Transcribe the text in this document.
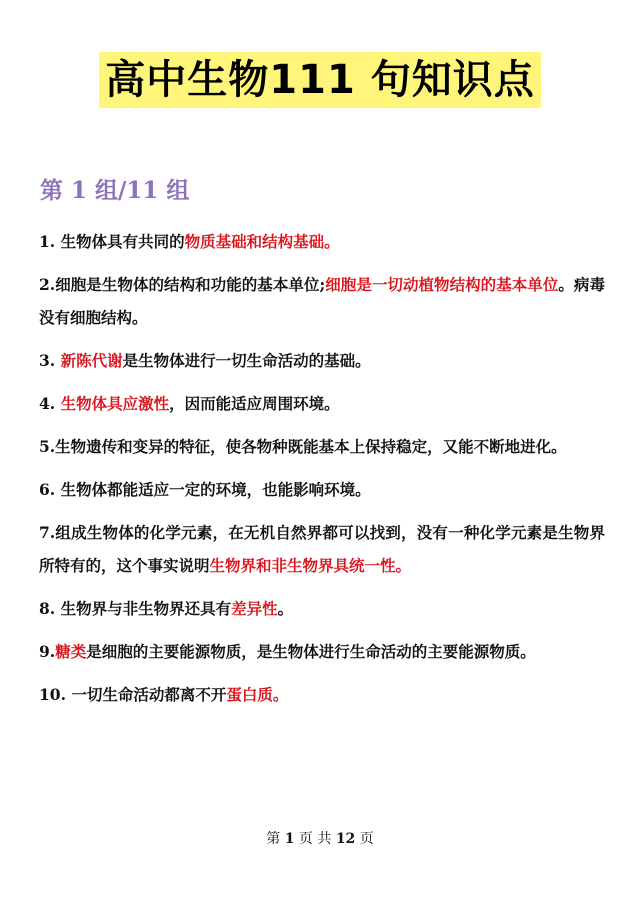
高中生物111 句知识点
第 1 组/11 组

1. 生物体具有共同的物质基础和结构基础。

2.细胞是生物体的结构和功能的基本单位;细胞是一切动植物结构的基本单位。病毒没有细胞结构。

3. 新陈代谢是生物体进行一切生命活动的基础。

4. 生物体具应激性，因而能适应周围环境。

5.生物遗传和变异的特征，使各物种既能基本上保持稳定，又能不断地进化。

6. 生物体都能适应一定的环境，也能影响环境。

7.组成生物体的化学元素，在无机自然界都可以找到，没有一种化学元素是生物界所特有的，这个事实说明生物界和非生物界具统一性。

8. 生物界与非生物界还具有差异性。

9.糖类是细胞的主要能源物质，是生物体进行生命活动的主要能源物质。

10. 一切生命活动都离不开蛋白质。

第 1 页 共 12 页
